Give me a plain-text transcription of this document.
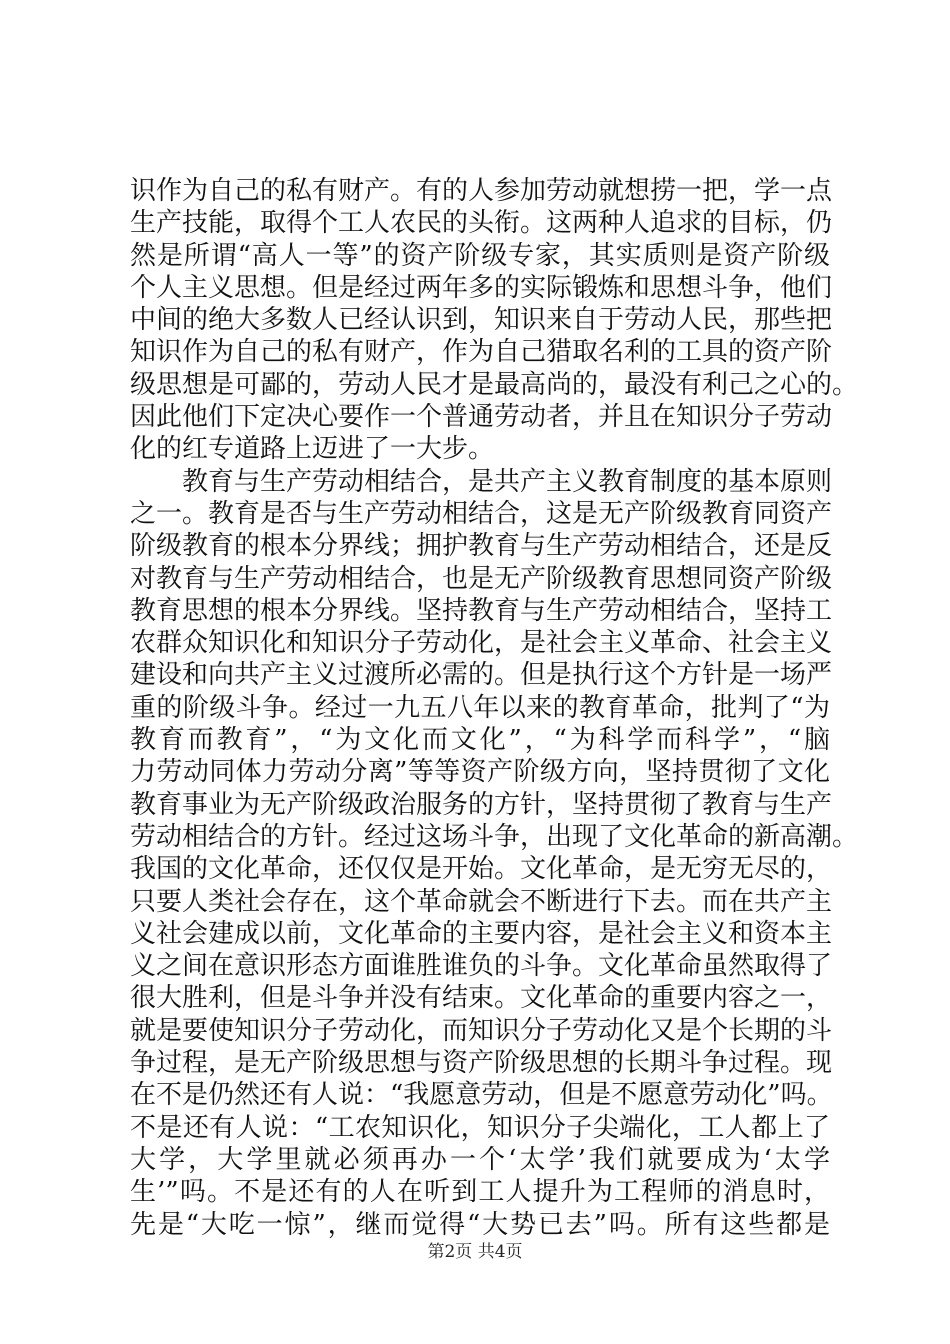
识作为自己的私有财产。有的人参加劳动就想捞一把，学一点
生产技能，取得个工人农民的头衔。这两种人追求的目标，仍
然是所谓“高人一等”的资产阶级专家，其实质则是资产阶级
个人主义思想。但是经过两年多的实际锻炼和思想斗争，他们
中间的绝大多数人已经认识到，知识来自于劳动人民，那些把
知识作为自己的私有财产，作为自己猎取名利的工具的资产阶
级思想是可鄙的，劳动人民才是最高尚的，最没有利己之心的。
因此他们下定决心要作一个普通劳动者，并且在知识分子劳动
化的红专道路上迈进了一大步。
教育与生产劳动相结合，是共产主义教育制度的基本原则
之一。教育是否与生产劳动相结合，这是无产阶级教育同资产
阶级教育的根本分界线；拥护教育与生产劳动相结合，还是反
对教育与生产劳动相结合，也是无产阶级教育思想同资产阶级
教育思想的根本分界线。坚持教育与生产劳动相结合，坚持工
农群众知识化和知识分子劳动化，是社会主义革命、社会主义
建设和向共产主义过渡所必需的。但是执行这个方针是一场严
重的阶级斗争。经过一九五八年以来的教育革命，批判了“为
教育而教育”，“为文化而文化”，“为科学而科学”，“脑
力劳动同体力劳动分离”等等资产阶级方向，坚持贯彻了文化
教育事业为无产阶级政治服务的方针，坚持贯彻了教育与生产
劳动相结合的方针。经过这场斗争，出现了文化革命的新高潮。
我国的文化革命，还仅仅是开始。文化革命，是无穷无尽的，
只要人类社会存在，这个革命就会不断进行下去。而在共产主
义社会建成以前，文化革命的主要内容，是社会主义和资本主
义之间在意识形态方面谁胜谁负的斗争。文化革命虽然取得了
很大胜利，但是斗争并没有结束。文化革命的重要内容之一，
就是要使知识分子劳动化，而知识分子劳动化又是个长期的斗
争过程，是无产阶级思想与资产阶级思想的长期斗争过程。现
在不是仍然还有人说：“我愿意劳动，但是不愿意劳动化”吗。
不是还有人说：“工农知识化，知识分子尖端化，工人都上了
大学，大学里就必须再办一个‘太学’我们就要成为‘太学
生’”吗。不是还有的人在听到工人提升为工程师的消息时，
先是“大吃一惊”，继而觉得“大势已去”吗。所有这些都是
第2页 共4页
